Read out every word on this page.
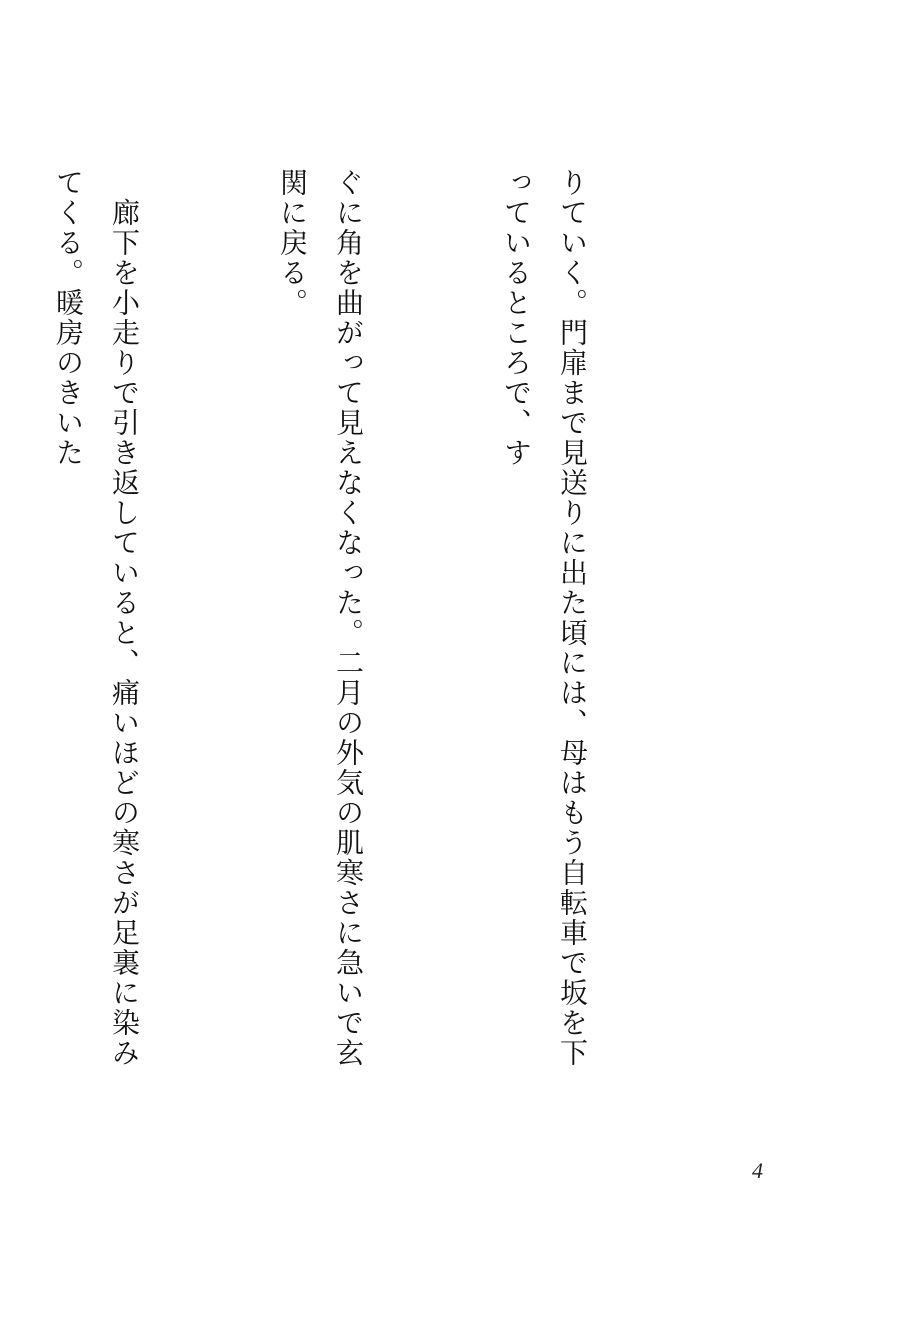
りていく。門扉まで見送りに出た頃には、母はもう自転車で坂を下っているところで、す

ぐに角を曲がって見えなくなった。二月の外気の肌寒さに急いで玄関に戻る。

　廊下を小走りで引き返していると、痛いほどの寒さが足裏に染みてくる。暖房のきいた

4
